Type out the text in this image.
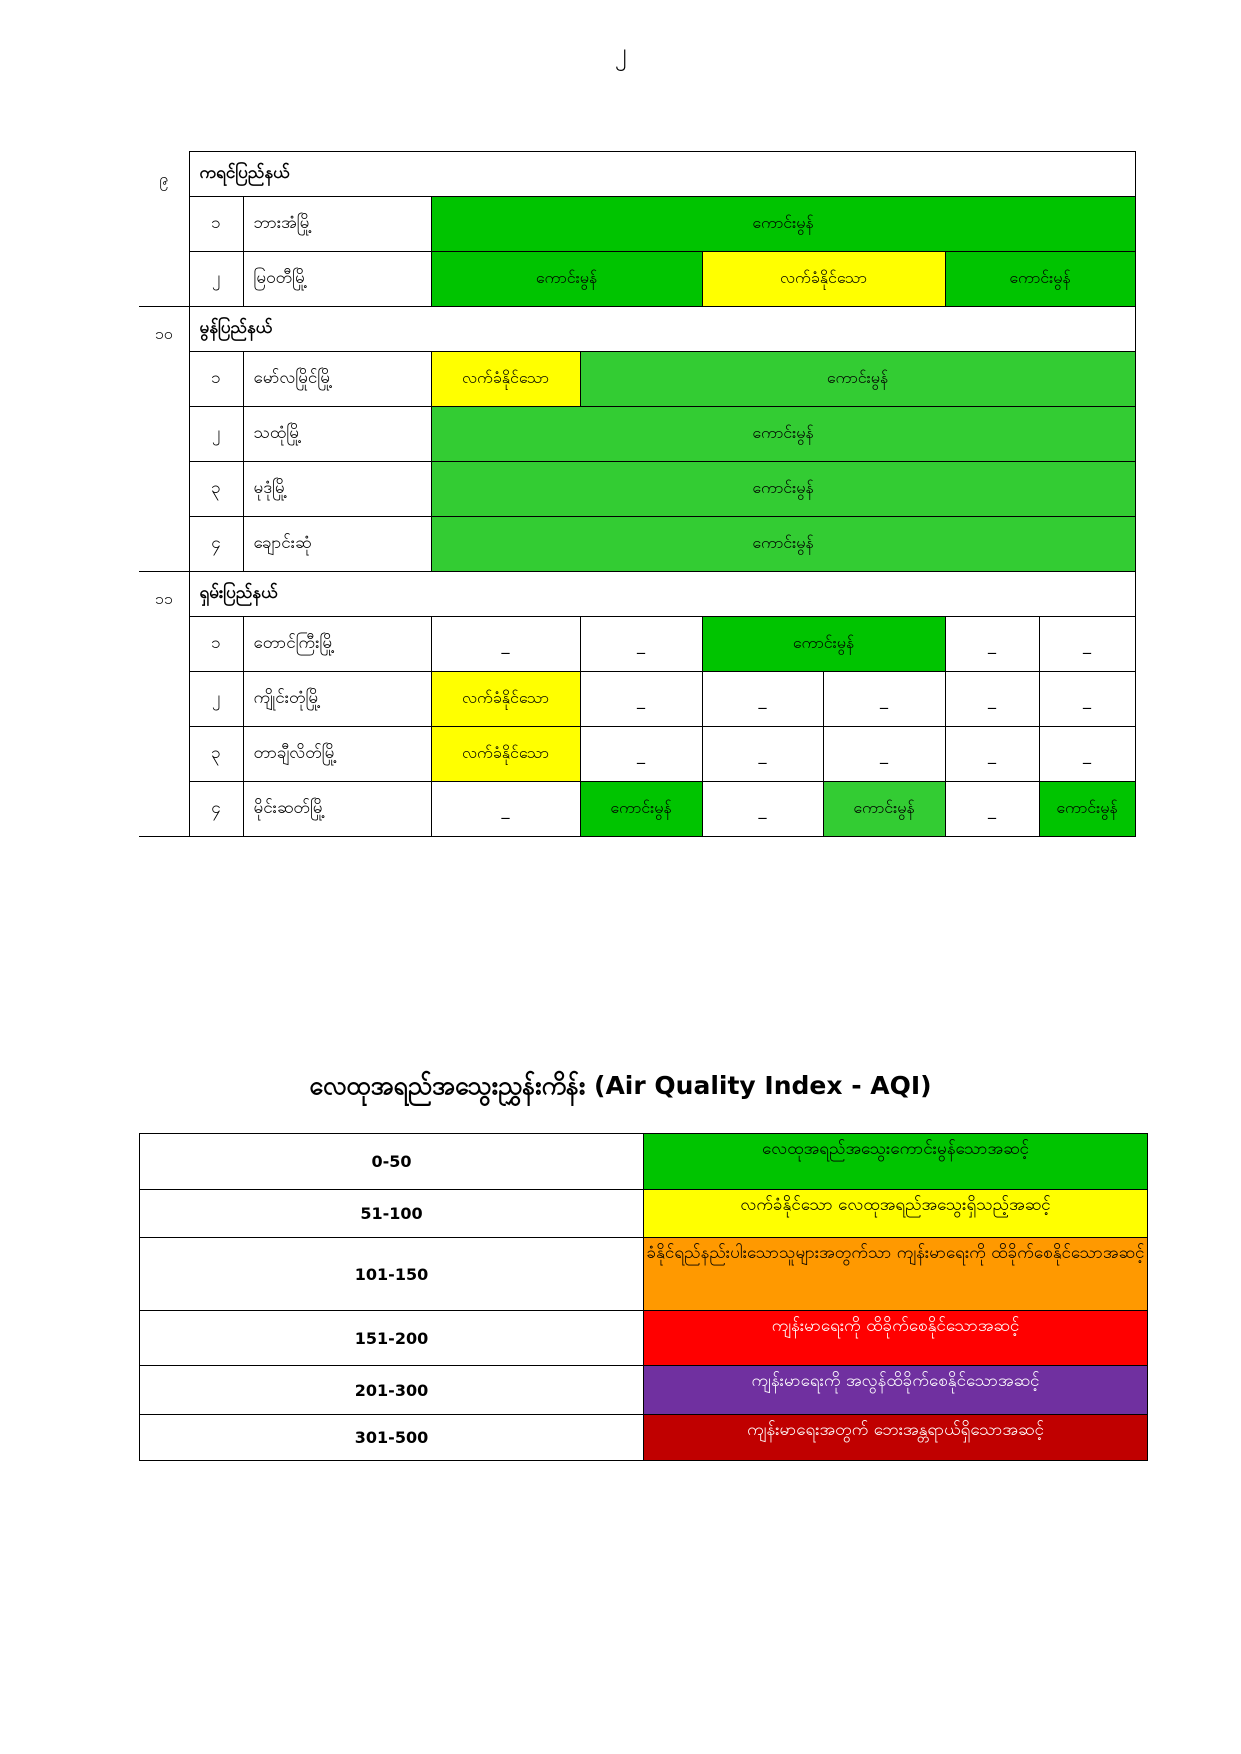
၂
၉	ကရင်ပြည်နယ်							
	၁	ဘားအံမြို့	ကောင်းမွန်					
	၂	မြဝတီမြို့	ကောင်းမွန်		လက်ခံနိုင်သော		ကောင်းမွန်	
၁၀	မွန်ပြည်နယ်							
	၁	မော်လမြိုင်မြို့	လက်ခံနိုင်သော	ကောင်းမွန်				
	၂	သထုံမြို့	ကောင်းမွန်					
	၃	မုဒုံမြို့	ကောင်းမွန်					
	၄	ချောင်းဆုံ	ကောင်းမွန်					
၁၁	ရှမ်းပြည်နယ်							
	၁	တောင်ကြီးမြို့	_	_	ကောင်းမွန်		_	_
	၂	ကျိုင်းတုံမြို့	လက်ခံနိုင်သော	_	_	_	_	_
	၃	တာချီလိတ်မြို့	လက်ခံနိုင်သော	_	_	_	_	_
	၄	မိုင်းဆတ်မြို့	_	ကောင်းမွန်	_	ကောင်းမွန်	_	ကောင်းမွန်
လေထုအရည်အသွေးညွှန်းကိန်း (Air Quality Index - AQI)
0-50	လေထုအရည်အသွေးကောင်းမွန်သောအဆင့်
51-100	လက်ခံနိုင်သော လေထုအရည်အသွေးရှိသည့်အဆင့်
101-150	ခံနိုင်ရည်နည်းပါးသောသူများအတွက်သာ ကျန်းမာရေးကို ထိခိုက်စေနိုင်သောအဆင့်
151-200	ကျန်းမာရေးကို ထိခိုက်စေနိုင်သောအဆင့်
201-300	ကျန်းမာရေးကို အလွန်ထိခိုက်စေနိုင်သောအဆင့်
301-500	ကျန်းမာရေးအတွက် ဘေးအန္တရာယ်ရှိသောအဆင့်
